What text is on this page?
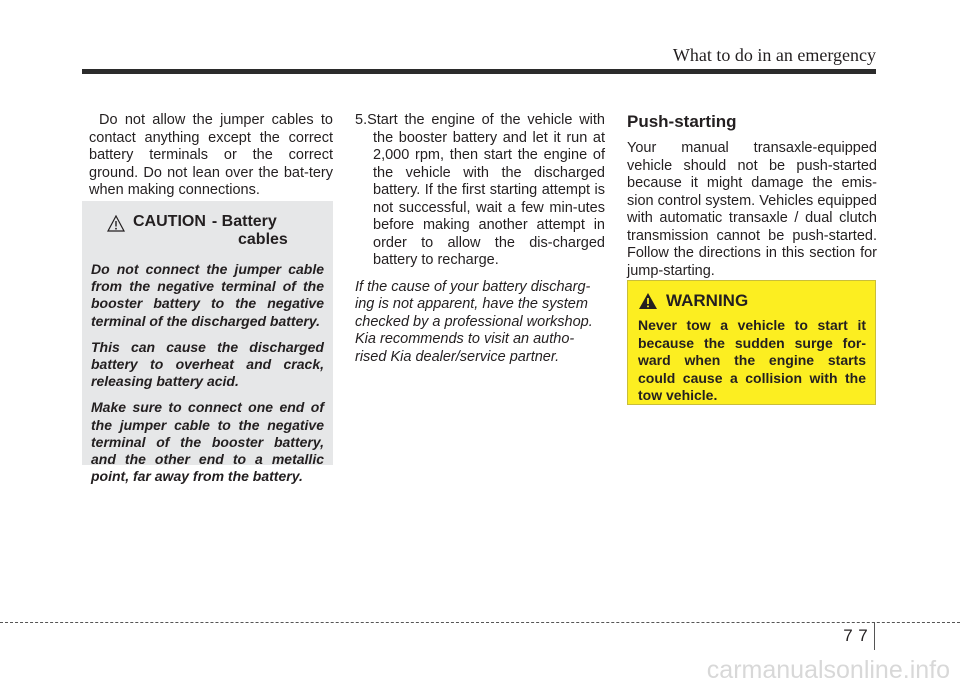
What to do in an emergency

Do not allow the jumper cables to contact anything except the correct battery terminals or the correct ground. Do not lean over the bat-tery when making connections.

CAUTION - Battery
cables

Do not connect the jumper cable from the negative terminal of the booster battery to the negative terminal of the discharged battery.

This can cause the discharged battery to overheat and crack, releasing battery acid.

Make sure to connect one end of the jumper cable to the negative terminal of the booster battery, and the other end to a metallic point, far away from the battery.

5.Start the engine of the vehicle with the booster battery and let it run at 2,000 rpm, then start the engine of the vehicle with the discharged battery. If the first starting attempt is not successful, wait a few min-utes before making another attempt in order to allow the dis-charged battery to recharge.

If the cause of your battery discharg-ing is not apparent, have the system checked by a professional workshop. Kia recommends to visit an autho-rised Kia dealer/service partner.

Push-starting

Your manual transaxle-equipped vehicle should not be push-started because it might damage the emis-sion control system. Vehicles equipped with automatic transaxle / dual clutch transmission cannot be push-started. Follow the directions in this section for jump-starting.

WARNING

Never tow a vehicle to start it because the sudden surge for-ward when the engine starts could cause a collision with the tow vehicle.

7 7
carmanualsonline.info
